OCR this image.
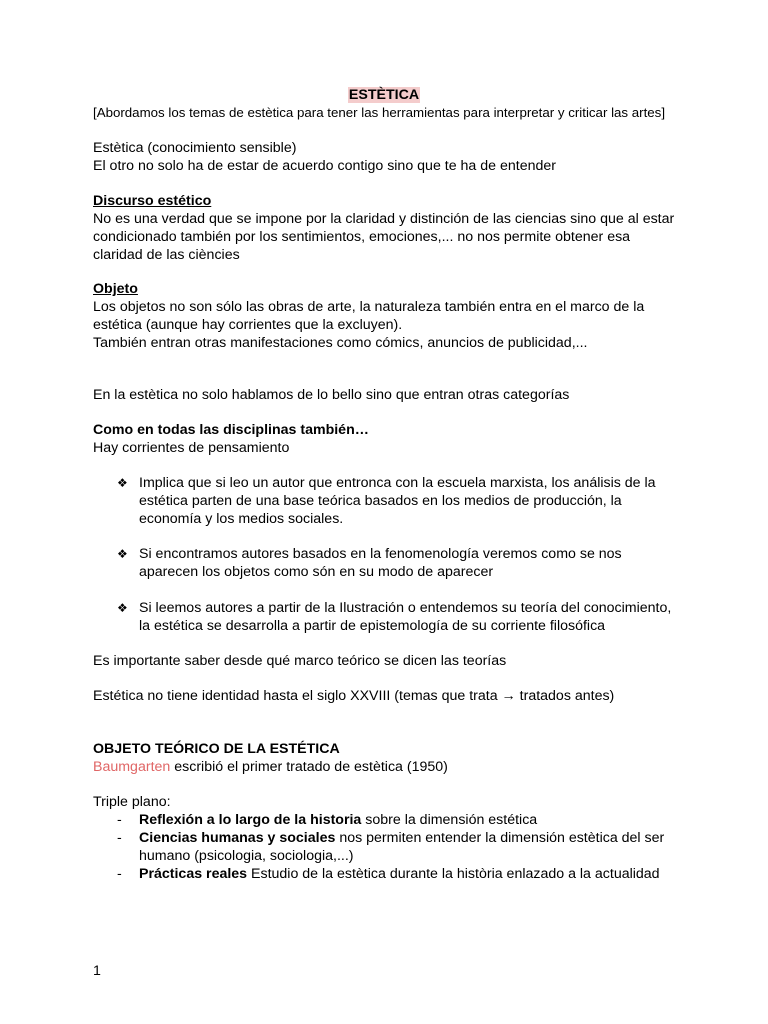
ESTÈTICA
[Abordamos los temas de estètica para tener las herramientas para interpretar y criticar las artes]
Estètica (conocimiento sensible)
El otro no solo ha de estar de acuerdo contigo sino que te ha de entender
Discurso estético
No es una verdad que se impone por la claridad y distinción de las ciencias sino que al estar
condicionado también por los sentimientos, emociones,... no nos permite obtener esa
claridad de las ciències
Objeto
Los objetos no son sólo las obras de arte, la naturaleza también entra en el marco de la
estética (aunque hay corrientes que la excluyen).
También entran otras manifestaciones como cómics, anuncios de publicidad,...
En la estètica no solo hablamos de lo bello sino que entran otras categorías
Como en todas las disciplinas también…
Hay corrientes de pensamiento
❖ Implica que si leo un autor que entronca con la escuela marxista, los análisis de la
estética parten de una base teórica basados en los medios de producción, la
economía y los medios sociales.
❖ Si encontramos autores basados en la fenomenología veremos como se nos
aparecen los objetos como són en su modo de aparecer
❖ Si leemos autores a partir de la Ilustración o entendemos su teoría del conocimiento,
la estética se desarrolla a partir de epistemología de su corriente filosófica
Es importante saber desde qué marco teórico se dicen las teorías
Estética no tiene identidad hasta el siglo XXVIII (temas que trata → tratados antes)
OBJETO TEÓRICO DE LA ESTÉTICA
Baumgarten escribió el primer tratado de estètica (1950)
Triple plano:
- Reflexión a lo largo de la historia sobre la dimensión estética
- Ciencias humanas y sociales nos permiten entender la dimensión estètica del ser
humano (psicologia, sociologia,...)
- Prácticas reales Estudio de la estètica durante la història enlazado a la actualidad
1
